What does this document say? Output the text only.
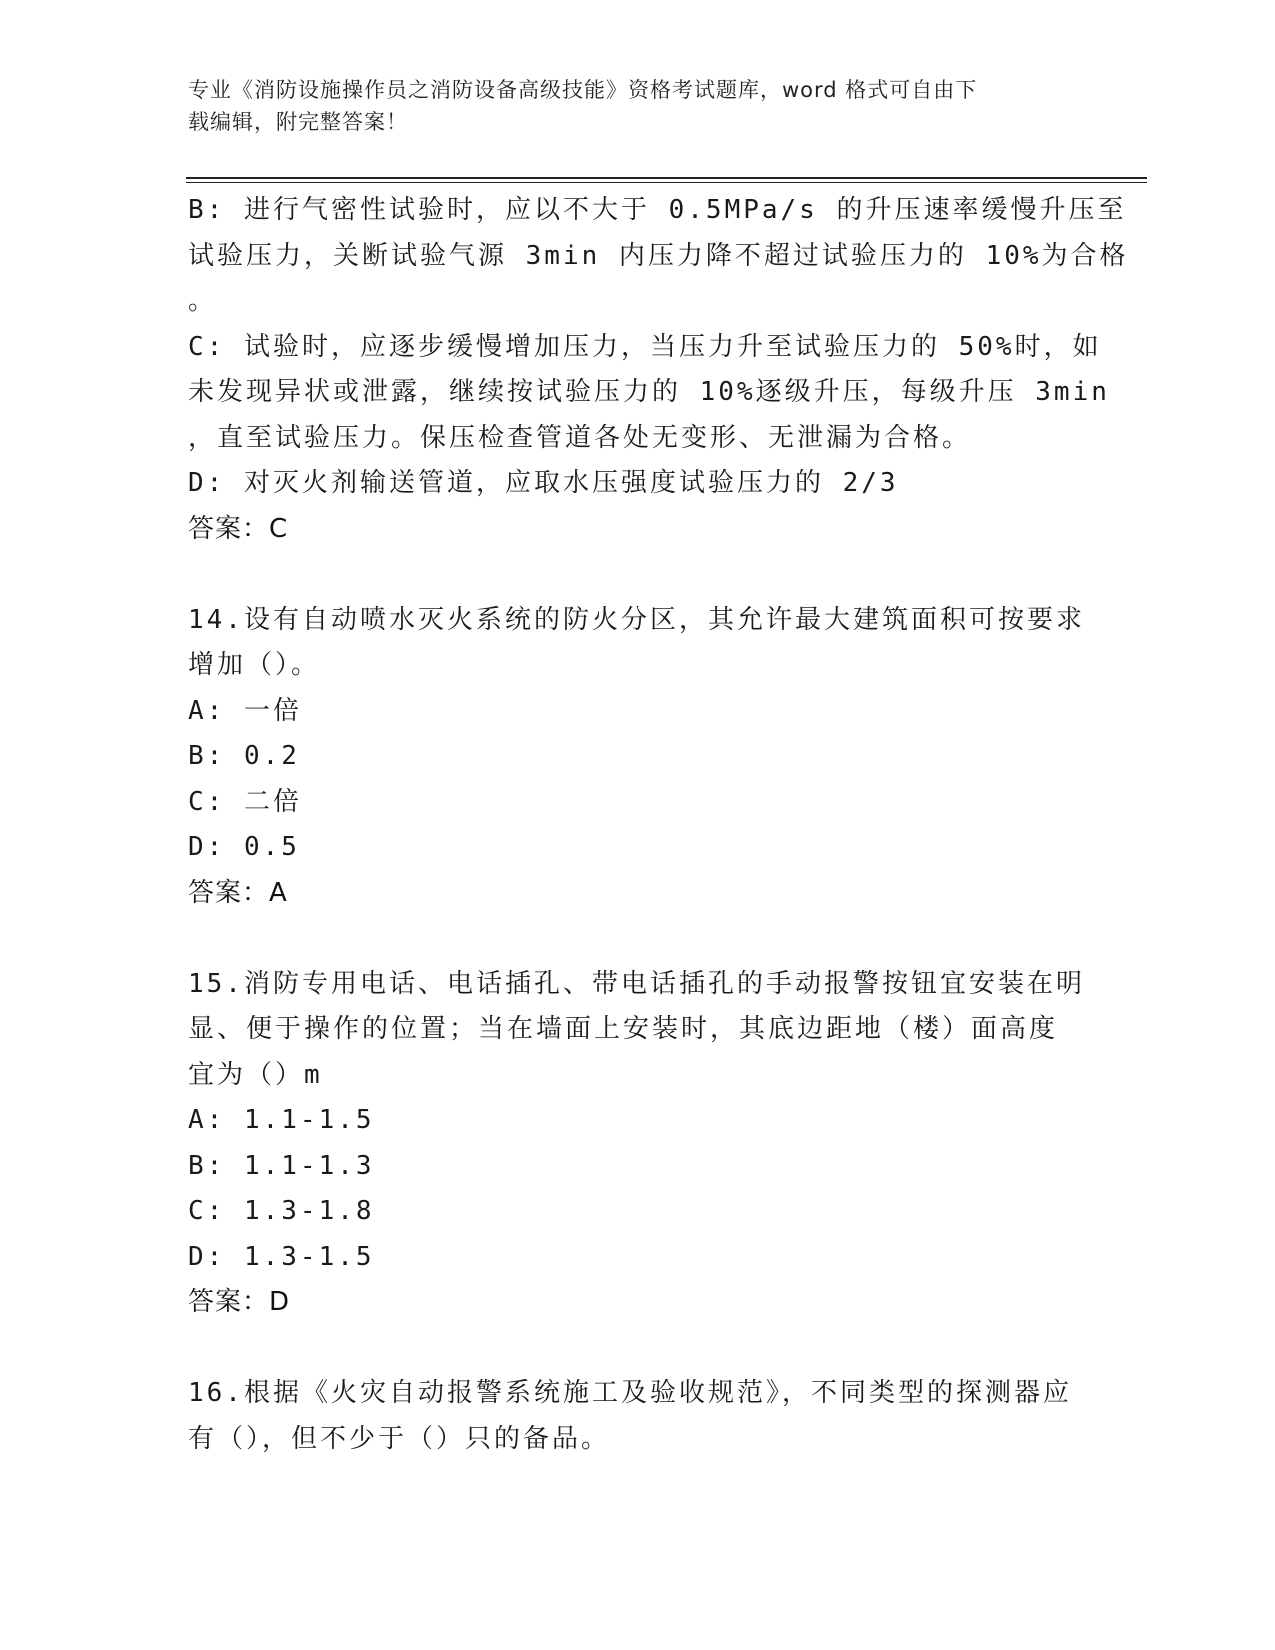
专业《消防设施操作员之消防设备高级技能》资格考试题库，word 格式可自由下
载编辑，附完整答案！
B: 进行气密性试验时，应以不大于 0.5MPa/s 的升压速率缓慢升压至
试验压力，关断试验气源 3min 内压力降不超过试验压力的 10%为合格
。
C: 试验时，应逐步缓慢增加压力，当压力升至试验压力的 50%时，如
未发现异状或泄露，继续按试验压力的 10%逐级升压，每级升压 3min
，直至试验压力。保压检查管道各处无变形、无泄漏为合格。
D: 对灭火剂输送管道，应取水压强度试验压力的 2/3
答案：C
14.设有自动喷水灭火系统的防火分区，其允许最大建筑面积可按要求
增加（）。
A: 一倍
B: 0.2
C: 二倍
D: 0.5
答案：A
15.消防专用电话、电话插孔、带电话插孔的手动报警按钮宜安装在明
显、便于操作的位置；当在墙面上安装时，其底边距地（楼）面高度
宜为（）m
A: 1.1-1.5
B: 1.1-1.3
C: 1.3-1.8
D: 1.3-1.5
答案：D
16.根据《火灾自动报警系统施工及验收规范》，不同类型的探测器应
有（），但不少于（）只的备品。
